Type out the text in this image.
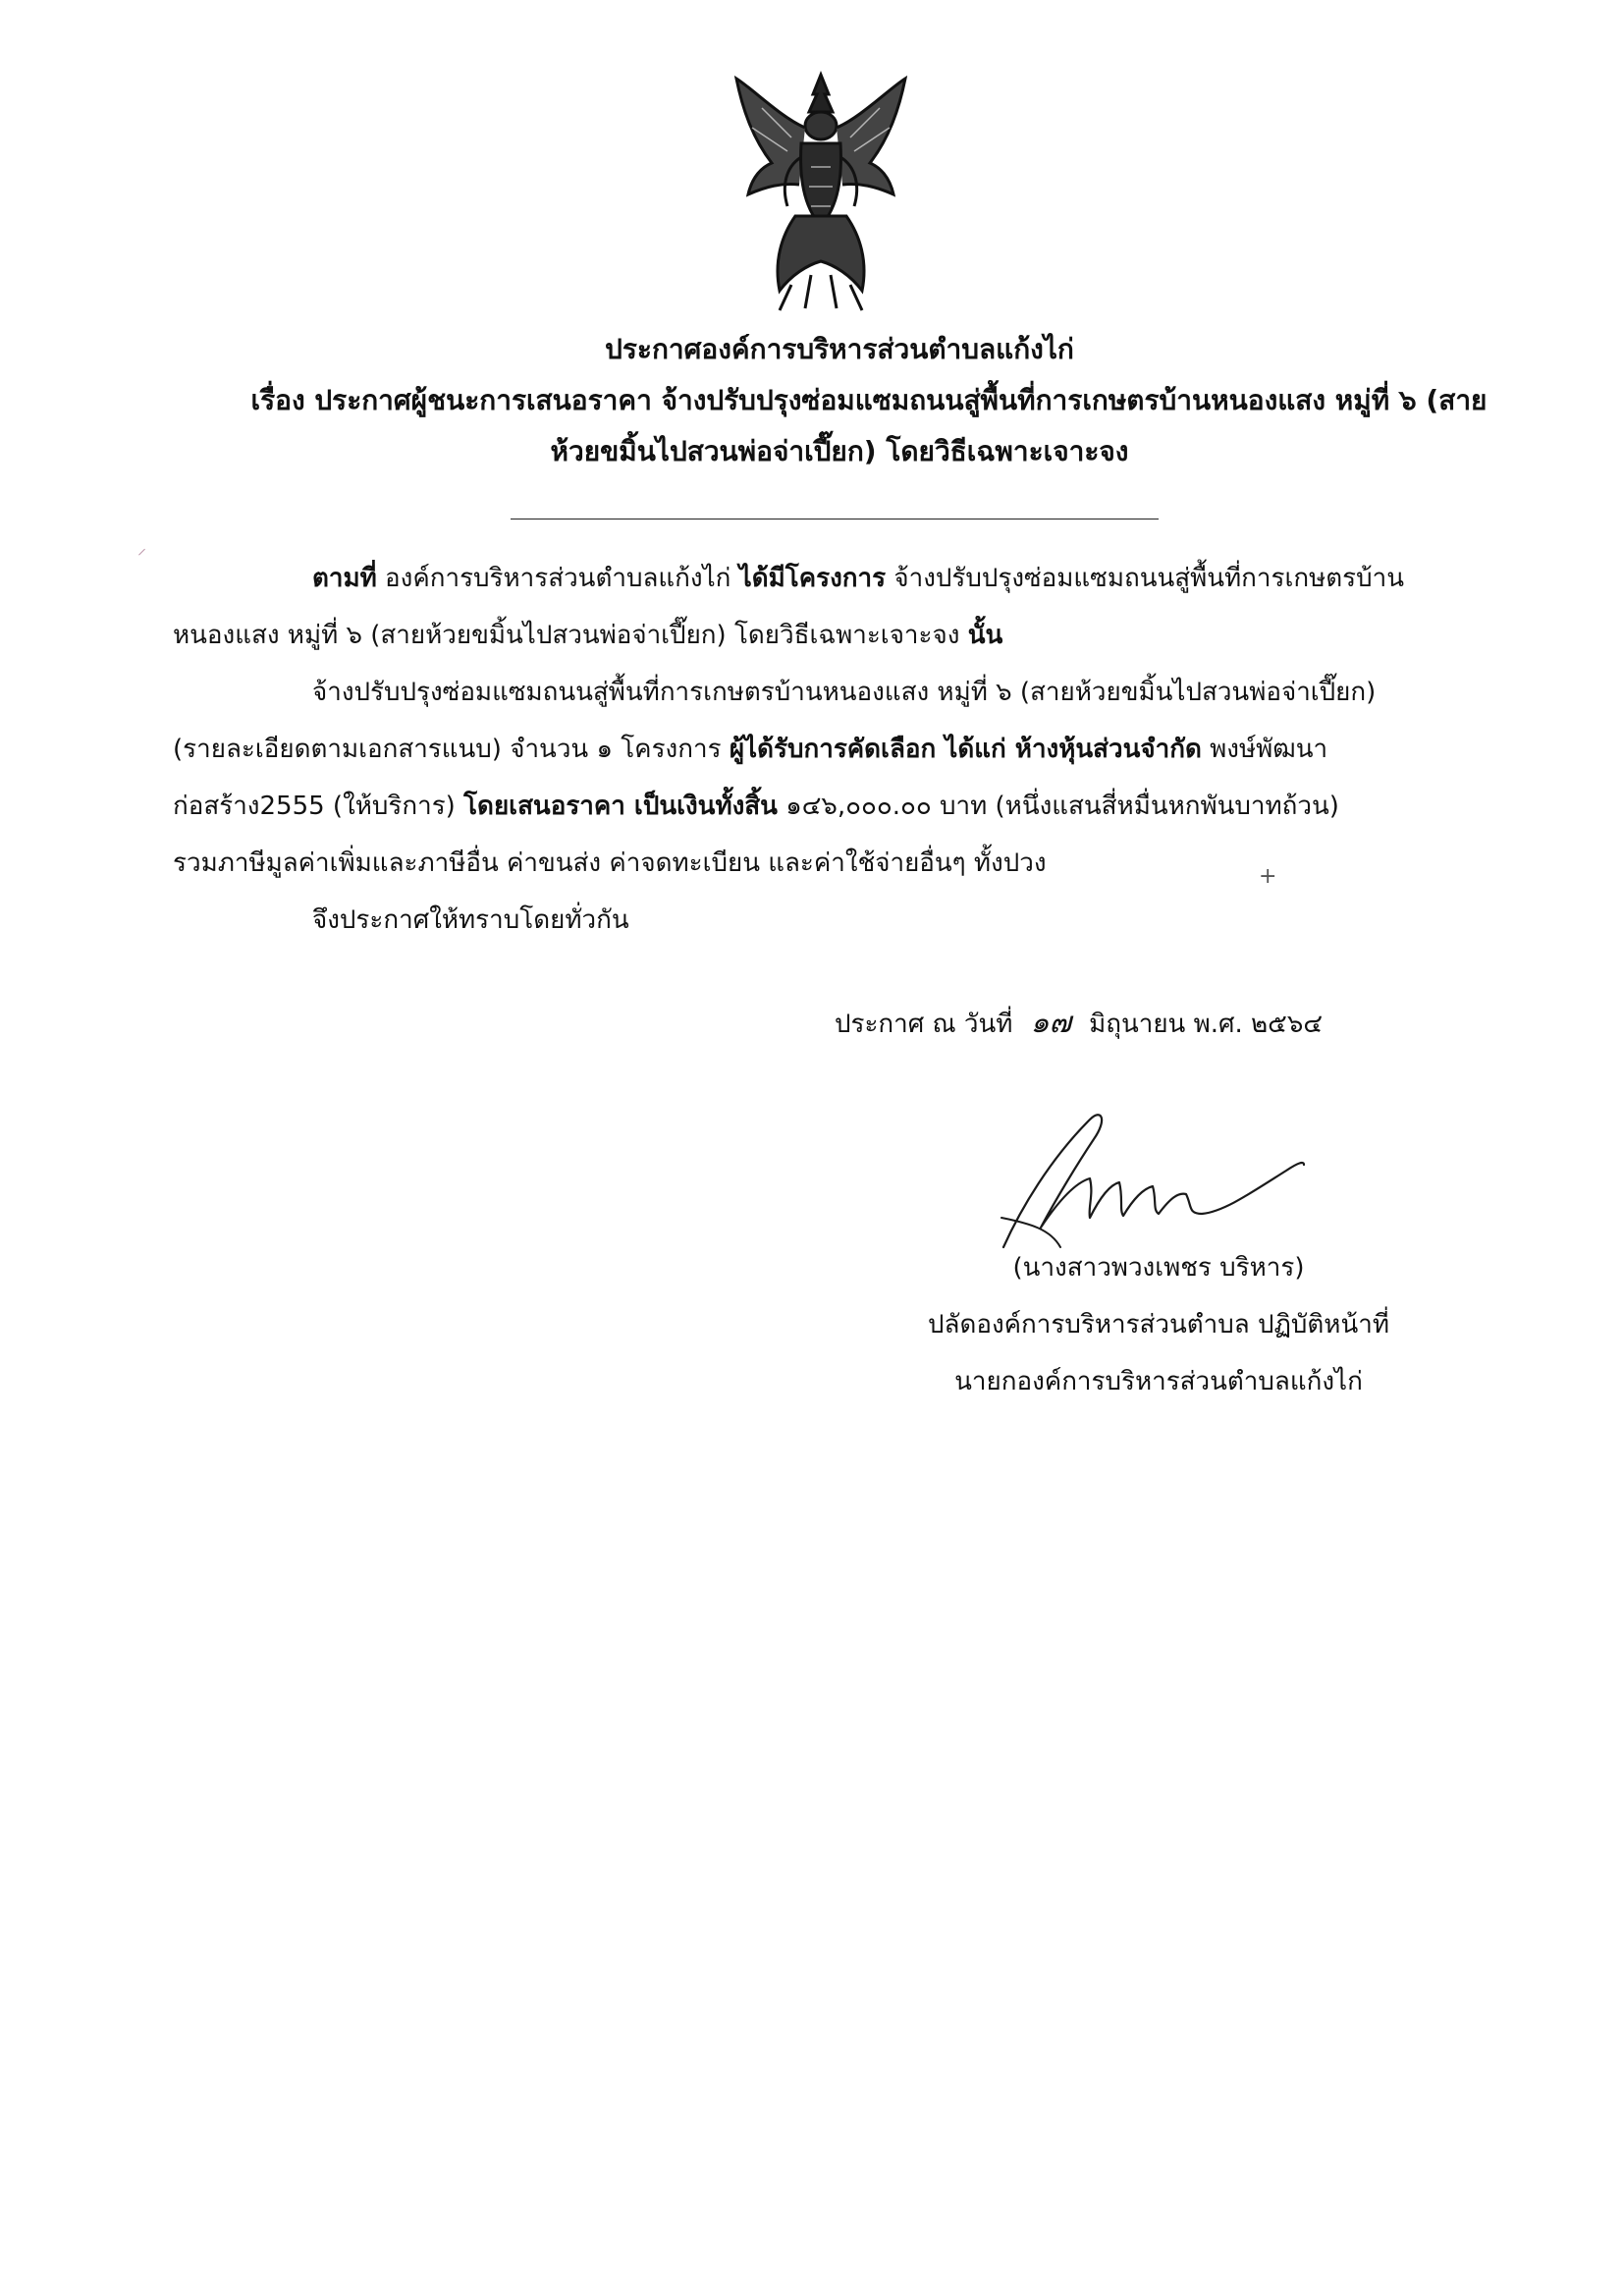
ประกาศองค์การบริหารส่วนตำบลแก้งไก่
เรื่อง ประกาศผู้ชนะการเสนอราคา จ้างปรับปรุงซ่อมแซมถนนสู่พื้นที่การเกษตรบ้านหนองแสง หมู่ที่ ๖ (สาย
ห้วยขมิ้นไปสวนพ่อจ่าเปี๊ยก) โดยวิธีเฉพาะเจาะจง
⸝
ตามที่ องค์การบริหารส่วนตำบลแก้งไก่ ได้มีโครงการ จ้างปรับปรุงซ่อมแซมถนนสู่พื้นที่การเกษตรบ้าน
หนองแสง หมู่ที่ ๖ (สายห้วยขมิ้นไปสวนพ่อจ่าเปี๊ยก) โดยวิธีเฉพาะเจาะจง นั้น
จ้างปรับปรุงซ่อมแซมถนนสู่พื้นที่การเกษตรบ้านหนองแสง หมู่ที่ ๖ (สายห้วยขมิ้นไปสวนพ่อจ่าเปี๊ยก)
(รายละเอียดตามเอกสารแนบ) จำนวน ๑ โครงการ ผู้ได้รับการคัดเลือก ได้แก่ ห้างหุ้นส่วนจำกัด พงษ์พัฒนา
ก่อสร้าง2555 (ให้บริการ) โดยเสนอราคา เป็นเงินทั้งสิ้น ๑๔๖,๐๐๐.๐๐ บาท (หนึ่งแสนสี่หมื่นหกพันบาทถ้วน)
รวมภาษีมูลค่าเพิ่มและภาษีอื่น ค่าขนส่ง ค่าจดทะเบียน และค่าใช้จ่ายอื่นๆ ทั้งปวง
จึงประกาศให้ทราบโดยทั่วกัน
+
ประกาศ ณ วันที่ ๑๗ มิถุนายน พ.ศ. ๒๕๖๔
(นางสาวพวงเพชร บริหาร)
ปลัดองค์การบริหารส่วนตำบล ปฏิบัติหน้าที่
นายกองค์การบริหารส่วนตำบลแก้งไก่
